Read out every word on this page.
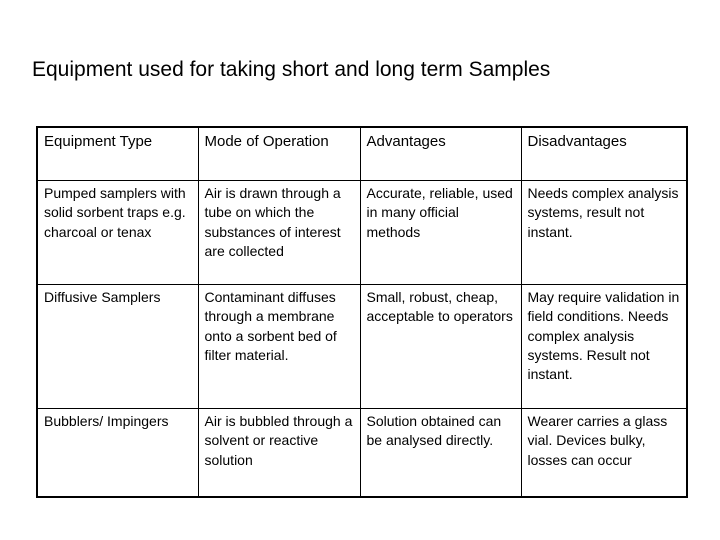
Equipment used for taking short and long term Samples
Equipment Type	Mode of Operation	Advantages	Disadvantages
Pumped samplers with solid sorbent traps e.g. charcoal or tenax	Air is drawn through a tube on which the substances of interest are collected	Accurate, reliable, used in many official methods	Needs complex analysis systems, result not instant.
Diffusive Samplers	Contaminant diffuses through a membrane onto a sorbent bed of filter material.	Small, robust, cheap, acceptable to operators	May require validation in field conditions. Needs complex analysis systems. Result not instant.
Bubblers/ Impingers	Air is bubbled through a solvent or reactive solution	Solution obtained can be analysed directly.	Wearer carries a glass vial. Devices bulky, losses can occur
